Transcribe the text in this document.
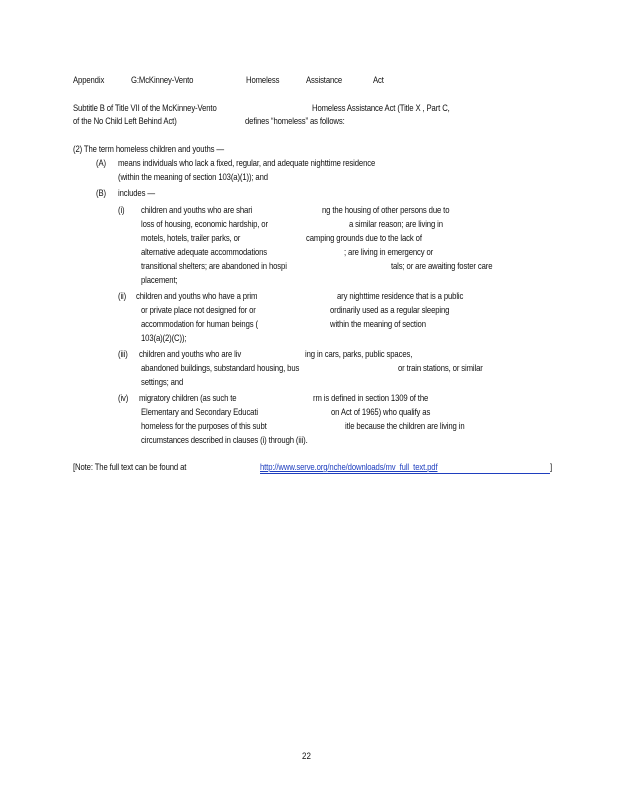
Appendix	G:McKinney-Vento	Homeless	Assistance	Act
Subtitle B of Title VII of the McKinney-Vento	Homeless Assistance Act (Title X , Part C,
of the No Child Left Behind Act)	defines “homeless” as follows:
(2) The term homeless children and youths —
(A) means individuals who lack a fixed, regular, and adequate nighttime residence
(within the meaning of section 103(a)(1)); and
(B) includes —
(i) children and youths who are shari	ng the housing of other persons due to
loss of housing, economic hardship, or	a similar reason; are living in
motels, hotels, trailer parks, or	camping grounds due to the lack of
alternative adequate accommodations	; are living in emergency or
transitional shelters; are abandoned in hospi	tals; or are awaiting foster care
placement;
(ii) children and youths who have a prim	ary nighttime residence that is a public
or private place not designed for or	ordinarily used as a regular sleeping
accommodation for human beings (	within the meaning of section
103(a)(2)(C));
(iii) children and youths who are liv	ing in cars, parks, public spaces,
abandoned buildings, substandard housing, bus	or train stations, or similar
settings; and
(iv) migratory children (as such te	rm is defined in section 1309 of the
Elementary and Secondary Educati	on Act of 1965) who qualify as
homeless for the purposes of this subt	itle because the children are living in
circumstances described in clauses (i) through (iii).
[Note: The full text can be found at	http://www.serve.org/nche/downloads/mv_full_text.pdf	]
22
